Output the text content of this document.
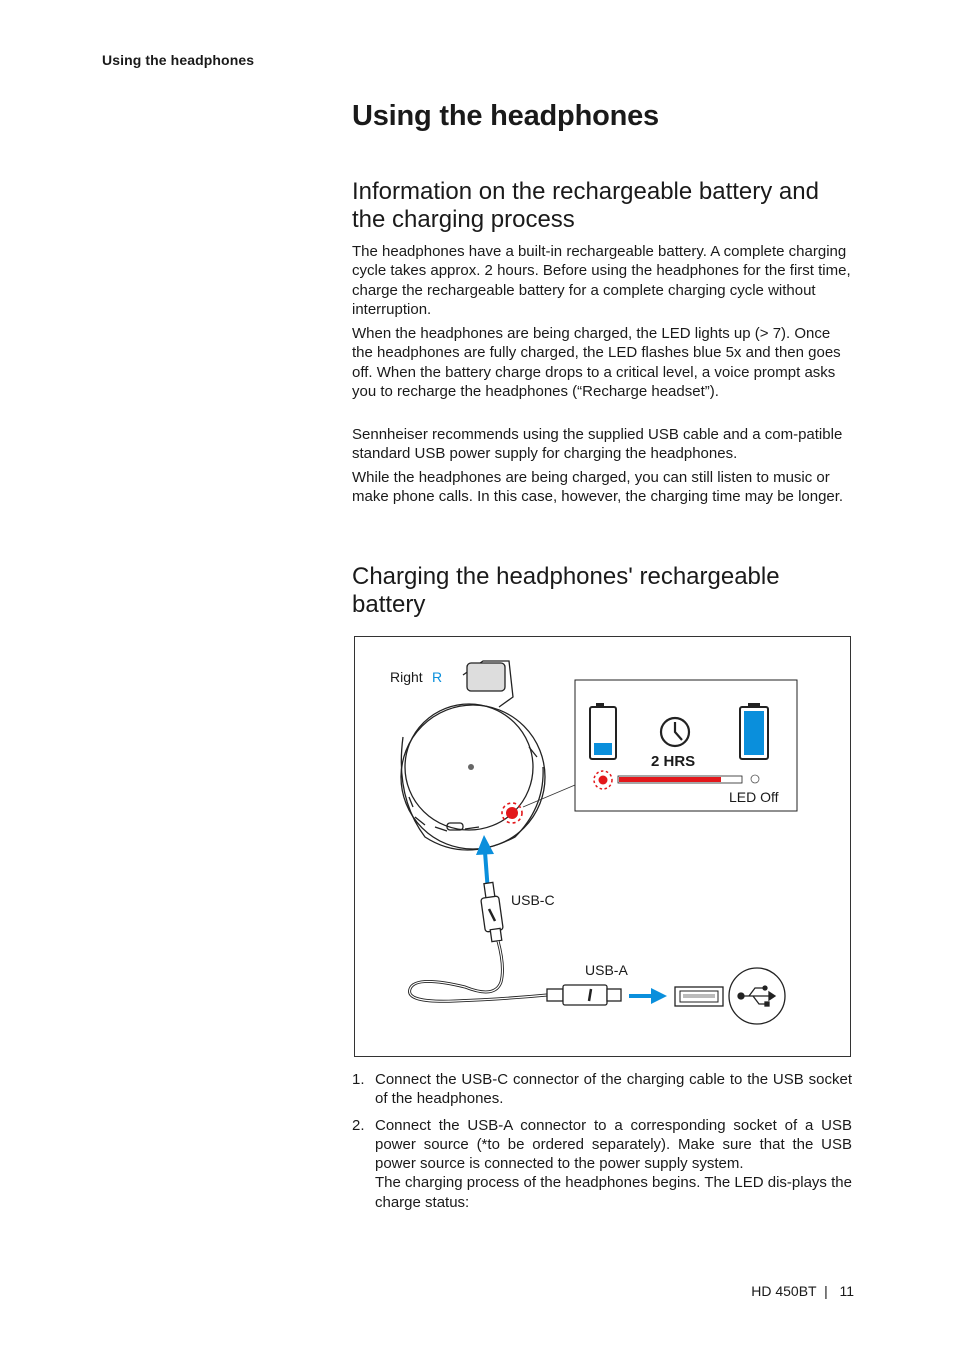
Using the headphones
Using the headphones
Information on the rechargeable battery and the charging process

The headphones have a built-in rechargeable battery. A complete charging cycle takes approx. 2 hours. Before using the headphones for the first time, charge the rechargeable battery for a complete charging cycle without interruption.

When the headphones are being charged, the LED lights up (> 7). Once the headphones are fully charged, the LED flashes blue 5x and then goes off. When the battery charge drops to a critical level, a voice prompt asks you to recharge the headphones (“Recharge headset”).

Sennheiser recommends using the supplied USB cable and a com-patible standard USB power supply for charging the headphones.

While the headphones are being charged, you can still listen to music or make phone calls. In this case, however, the charging time may be longer.

Charging the headphones' rechargeable battery
Right R
2 HRS
LED Off
USB-C
USB-A
1. Connect the USB-C connector of the charging cable to the USB socket of the headphones.
2. Connect the USB-A connector to a corresponding socket of a USB power source (*to be ordered separately). Make sure that the USB power source is connected to the power supply system.
The charging process of the headphones begins. The LED dis-plays the charge status:
HD 450BT  |   11
